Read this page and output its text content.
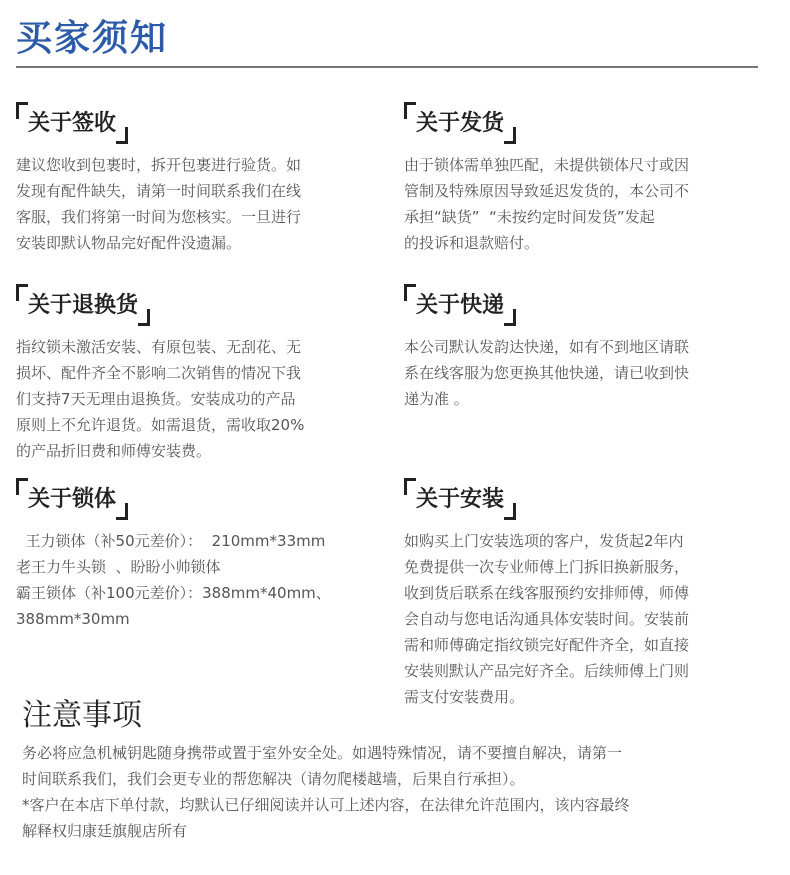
买家须知
关于签收
建议您收到包裹时，拆开包裹进行验货。如
发现有配件缺失，请第一时间联系我们在线
客服，我们将第一时间为您核实。一旦进行
安装即默认物品完好配件没遗漏。
关于发货
由于锁体需单独匹配，未提供锁体尺寸或因
管制及特殊原因导致延迟发货的，本公司不
承担“缺货”  “未按约定时间发货”发起
的投诉和退款赔付。
关于退换货
指纹锁未激活安装、有原包装、无刮花、无
损坏、配件齐全不影响二次销售的情况下我
们支持7天无理由退换货。安装成功的产品
原则上不允许退货。如需退货，需收取20%
的产品折旧费和师傅安装费。
关于快递
本公司默认发韵达快递，如有不到地区请联
系在线客服为您更换其他快递，请已收到快
递为准 。
关于锁体
王力锁体（补50元差价）：  210mm*33mm
老王力牛头锁  、盼盼小帅锁体
霸王锁体（补100元差价）：388mm*40mm、
388mm*30mm
关于安装
如购买上门安装选项的客户，发货起2年内
免费提供一次专业师傅上门拆旧换新服务，
收到货后联系在线客服预约安排师傅，师傅
会自动与您电话沟通具体安装时间。安装前
需和师傅确定指纹锁完好配件齐全，如直接
安装则默认产品完好齐全。后续师傅上门则
需支付安装费用。
注意事项
务必将应急机械钥匙随身携带或置于室外安全处。如遇特殊情况，请不要擅自解决，请第一
时间联系我们，我们会更专业的帮您解决（请勿爬楼越墙，后果自行承担）。
*客户在本店下单付款，均默认已仔细阅读并认可上述内容，在法律允许范围内，该内容最终
解释权归康廷旗舰店所有
